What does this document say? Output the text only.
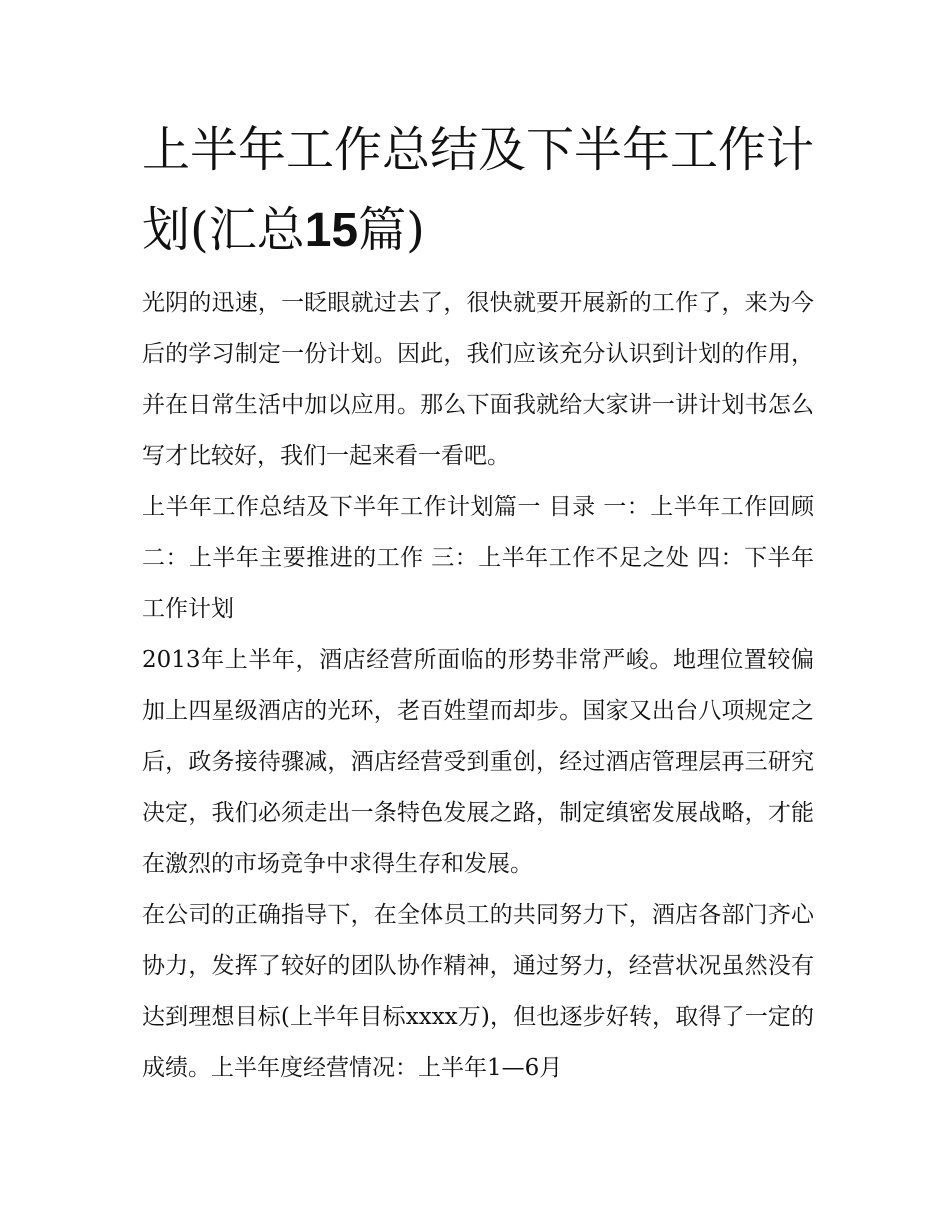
上半年工作总结及下半年工作计划(汇总15篇)

光阴的迅速，一眨眼就过去了，很快就要开展新的工作了，来为今后的学习制定一份计划。因此，我们应该充分认识到计划的作用，并在日常生活中加以应用。那么下面我就给大家讲一讲计划书怎么写才比较好，我们一起来看一看吧。

上半年工作总结及下半年工作计划篇一 目录 一：上半年工作回顾 二：上半年主要推进的工作 三：上半年工作不足之处 四：下半年工作计划

2013年上半年，酒店经营所面临的形势非常严峻。地理位置较偏加上四星级酒店的光环，老百姓望而却步。国家又出台八项规定之后，政务接待骤减，酒店经营受到重创，经过酒店管理层再三研究决定，我们必须走出一条特色发展之路，制定缜密发展战略，才能在激烈的市场竞争中求得生存和发展。

在公司的正确指导下，在全体员工的共同努力下，酒店各部门齐心协力，发挥了较好的团队协作精神，通过努力，经营状况虽然没有达到理想目标(上半年目标xxxx万)，但也逐步好转，取得了一定的成绩。上半年度经营情况：上半年1—6月
